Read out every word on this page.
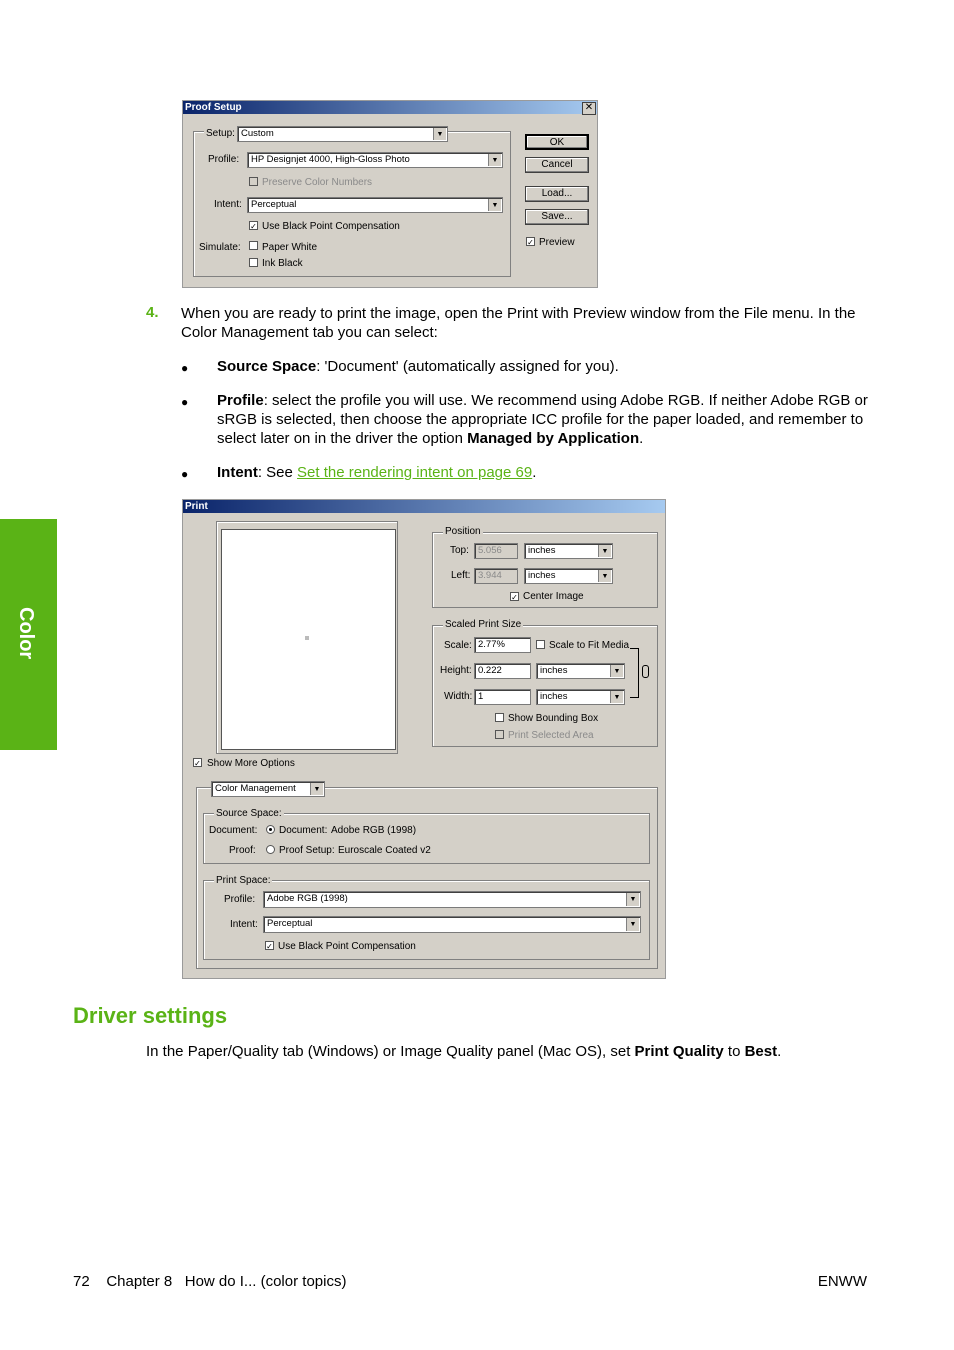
Proof Setup	✕
Setup: Custom	▼
Profile:	HP Designjet 4000, High-Gloss Photo	▼
Preserve Color Numbers
Intent: Perceptual	▼
✓ Use Black Point Compensation
Simulate: Paper White
Ink Black
OK
Cancel
Load...
Save...
✓ Preview
4. When you are ready to print the image, open the Print with Preview window from the File menu. In the Color Management tab you can select:
● Source Space: 'Document' (automatically assigned for you).
● Profile: select the profile you will use. We recommend using Adobe RGB. If neither Adobe RGB or sRGB is selected, then choose the appropriate ICC profile for the paper loaded, and remember to select later on in the driver the option Managed by Application.
● Intent: See Set the rendering intent on page 69.
Print
Position
Top: 5.056	inches	▼
Left: 3.944	inches	▼
✓ Center Image
Scaled Print Size
Scale: 2.77%	Scale to Fit Media
Height: 0.222	inches	▼
Width: 1	inches	▼
Show Bounding Box
Print Selected Area
✓ Show More Options
Color Management	▼
Source Space:
Document: Document: Adobe RGB (1998)
Proof: Proof Setup: Euroscale Coated v2
Print Space:
Profile:	Adobe RGB (1998)	▼
Intent: Perceptual	▼
✓ Use Black Point Compensation
Driver settings
In the Paper/Quality tab (Windows) or Image Quality panel (Mac OS), set Print Quality to Best.
Color
72    Chapter 8   How do I... (color topics)	ENWW
